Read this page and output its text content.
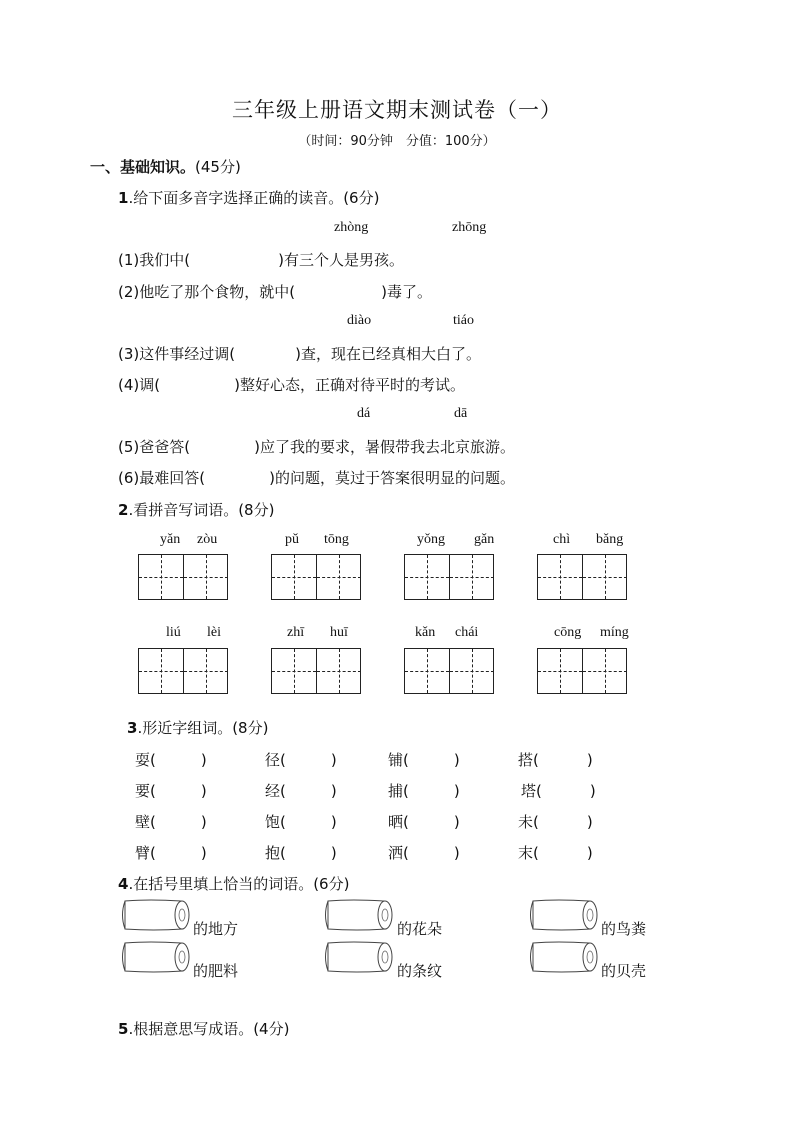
三年级上册语文期末测试卷（一）
（时间：90分钟　分值：100分）
一、基础知识。(45分)
1.给下面多音字选择正确的读音。(6分)
zhòng	zhōng
(1)我们中(	)有三个人是男孩。
(2)他吃了那个食物，就中(	)毒了。
diào	tiáo
(3)这件事经过调(	)查，现在已经真相大白了。
(4)调(	)整好心态，正确对待平时的考试。
dá	dā
(5)爸爸答(	)应了我的要求，暑假带我去北京旅游。
(6)最难回答(	)的问题，莫过于答案很明显的问题。
2.看拼音写词语。(8分)
yǎn zòu	pǔ tōng	yǒng gǎn	chì bǎng
liú lèi	zhī huī	kǎn chái	cōng míng
3.形近字组词。(8分)
耍(	)	径(	)	铺(	)	搭(	)
要(	)	经(	)	捕(	)	塔(	)
壁(	)	饱(	)	晒(	)	未(	)
臂(	)	抱(	)	洒(	)	末(	)
4.在括号里填上恰当的词语。(6分)
的地方	的花朵	的鸟粪
的肥料	的条纹	的贝壳
5.根据意思写成语。(4分)
